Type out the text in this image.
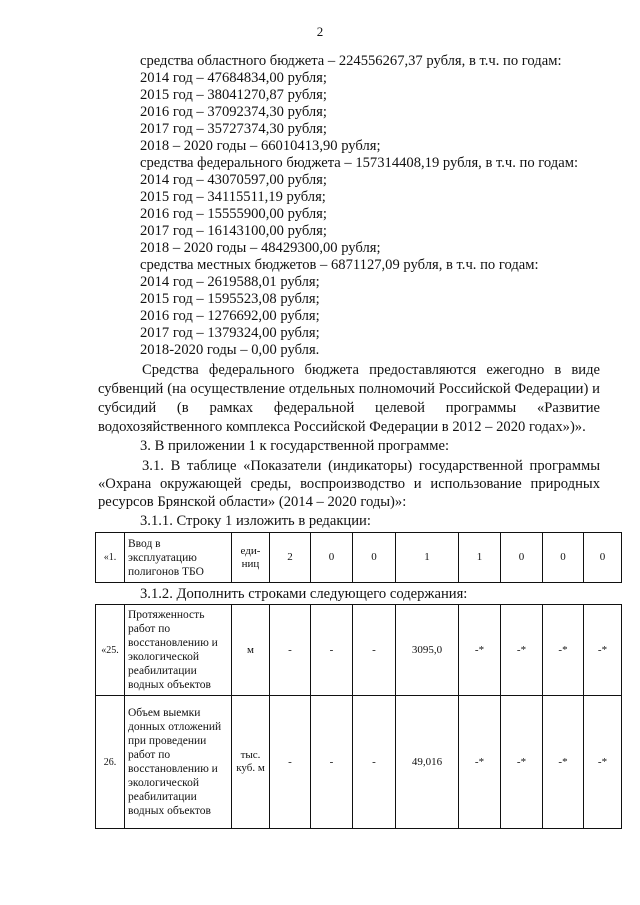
2
средства областного бюджета – 224556267,37 рубля, в т.ч. по годам:
2014 год – 47684834,00 рубля;
2015 год – 38041270,87 рубля;
2016 год – 37092374,30 рубля;
2017 год – 35727374,30 рубля;
2018 – 2020 годы – 66010413,90 рубля;
средства федерального бюджета – 157314408,19 рубля, в т.ч. по годам:
2014 год – 43070597,00 рубля;
2015 год – 34115511,19 рубля;
2016 год – 15555900,00 рубля;
2017 год – 16143100,00 рубля;
2018 – 2020 годы – 48429300,00 рубля;
средства местных бюджетов – 6871127,09 рубля, в т.ч. по годам:
2014 год – 2619588,01 рубля;
2015 год – 1595523,08 рубля;
2016 год – 1276692,00 рубля;
2017 год – 1379324,00 рубля;
2018-2020 годы – 0,00 рубля.
Средства федерального бюджета предоставляются ежегодно в виде субвенций (на осуществление отдельных полномочий Российской Федерации) и субсидий (в рамках федеральной целевой программы «Развитие водохозяйственного комплекса Российской Федерации в 2012 – 2020 годах»)».
3. В приложении 1 к государственной программе:
3.1. В таблице «Показатели (индикаторы) государственной программы «Охрана окружающей среды, воспроизводство и использование природных ресурсов Брянской области» (2014 – 2020 годы)»:
3.1.1. Строку 1 изложить в редакции:
«1.	Ввод в эксплуатацию полигонов ТБО	еди-ниц	2	0	0	1	1	0	0	0	
3.1.2. Дополнить строками следующего содержания:
«25.	Протяженность работ по восстановлению и экологической реабилитации водных объектов	м	-	-	-	3095,0	-*	-*	-*	-*	
26.	Объем выемки донных отложений при проведении работ по восстановлению и экологической реабилитации водных объектов	тыс. куб. м	-	-	-	49,016	-*	-*	-*	-*	
